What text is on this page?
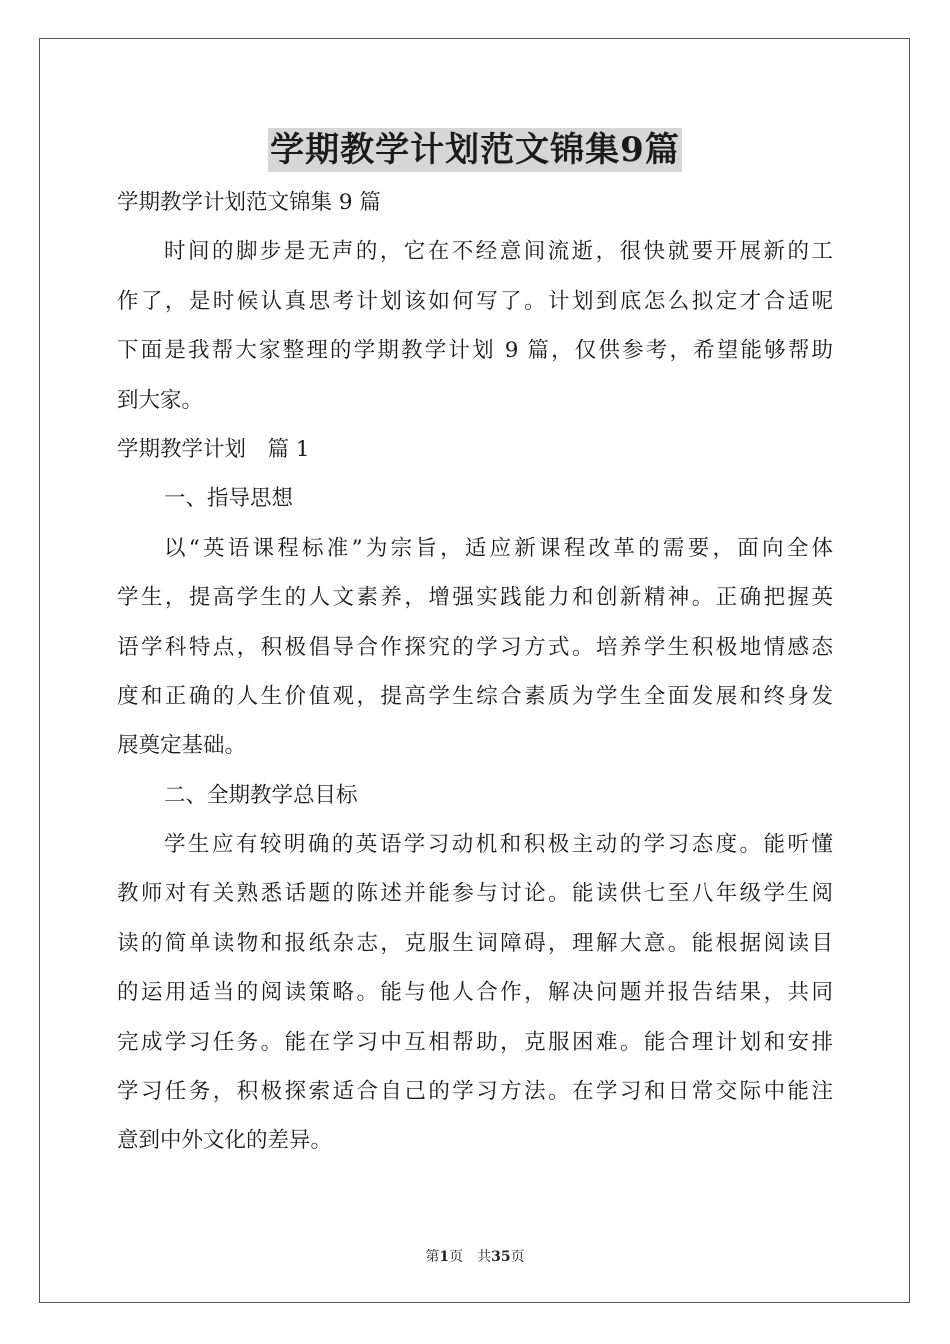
学期教学计划范文锦集9篇
学期教学计划范文锦集 9 篇
时间的脚步是无声的，它在不经意间流逝，很快就要开展新的工
作了，是时候认真思考计划该如何写了。计划到底怎么拟定才合适呢
下面是我帮大家整理的学期教学计划 9 篇，仅供参考，希望能够帮助
到大家。
学期教学计划　篇 1
一、指导思想
以“英语课程标准”为宗旨，适应新课程改革的需要，面向全体
学生，提高学生的人文素养，增强实践能力和创新精神。正确把握英
语学科特点，积极倡导合作探究的学习方式。培养学生积极地情感态
度和正确的人生价值观，提高学生综合素质为学生全面发展和终身发
展奠定基础。
二、全期教学总目标
学生应有较明确的英语学习动机和积极主动的学习态度。能听懂
教师对有关熟悉话题的陈述并能参与讨论。能读供七至八年级学生阅
读的简单读物和报纸杂志，克服生词障碍，理解大意。能根据阅读目
的运用适当的阅读策略。能与他人合作，解决问题并报告结果，共同
完成学习任务。能在学习中互相帮助，克服困难。能合理计划和安排
学习任务，积极探索适合自己的学习方法。在学习和日常交际中能注
意到中外文化的差异。
第1页　 共35页
